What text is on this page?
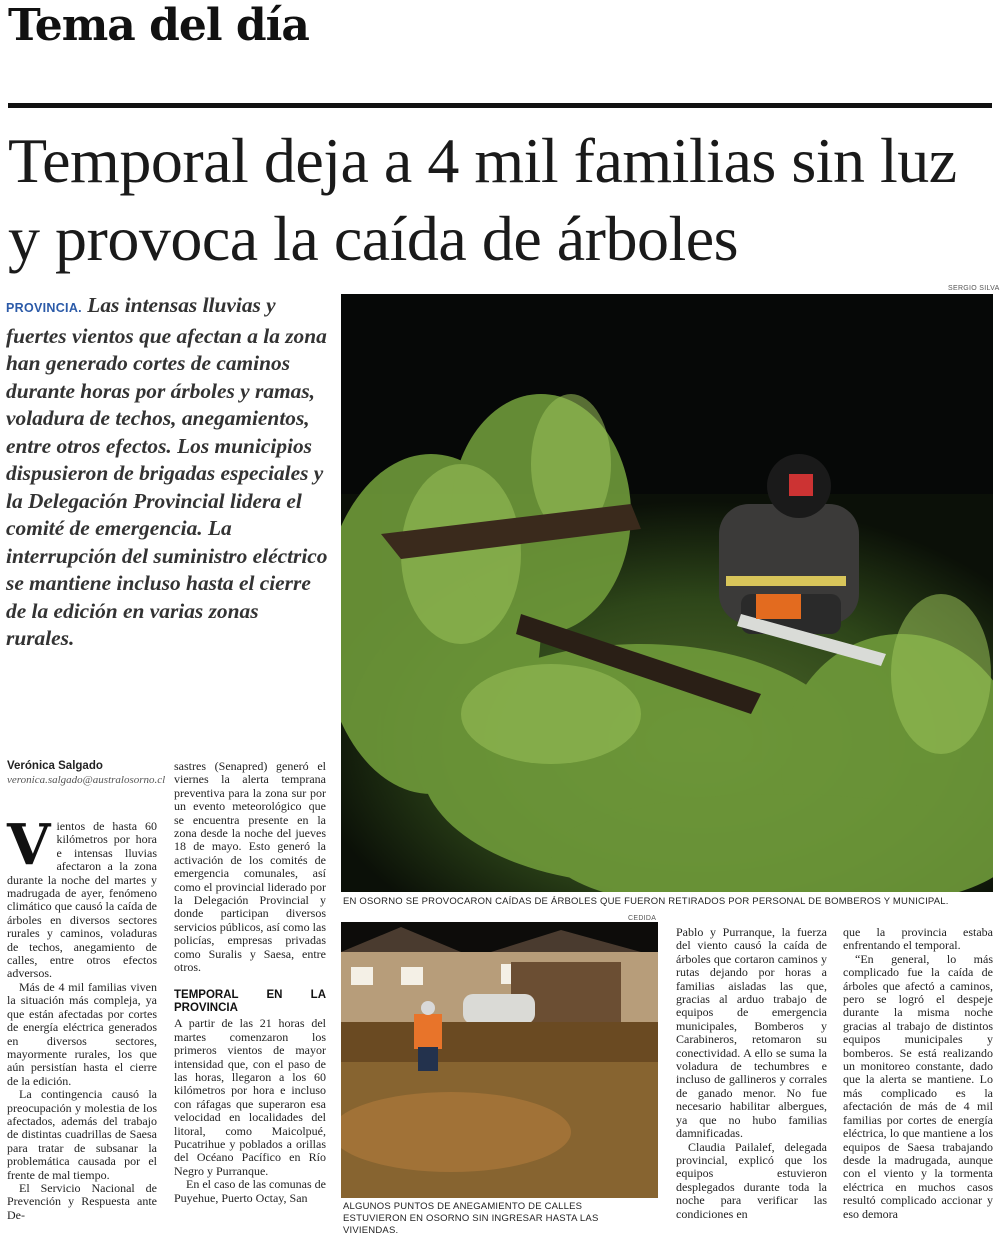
Tema del día
Temporal deja a 4 mil familias sin luz y provoca la caída de árboles
PROVINCIA. Las intensas lluvias y fuertes vientos que afectan a la zona han generado cortes de caminos durante horas por árboles y ramas, voladura de techos, anegamientos, entre otros efectos. Los municipios dispusieron de brigadas especiales y la Delegación Provincial lidera el comité de emergencia. La interrupción del suministro eléctrico se mantiene incluso hasta el cierre de la edición en varias zonas rurales.
Verónica Salgado
veronica.salgado@australosorno.cl
SERGIO SILVA
EN OSORNO SE PROVOCARON CAÍDAS DE ÁRBOLES QUE FUERON RETIRADOS POR PERSONAL DE BOMBEROS Y MUNICIPAL.
CEDIDA
ALGUNOS PUNTOS DE ANEGAMIENTO DE CALLES ESTUVIERON EN OSORNO SIN INGRESAR HASTA LAS VIVIENDAS.

Vientos de hasta 60 kilómetros por hora e intensas lluvias afectaron a la zona durante la noche del martes y madrugada de ayer, fenómeno climático que causó la caída de árboles en diversos sectores rurales y caminos, voladuras de techos, anegamiento de calles, entre otros efectos adversos.

Más de 4 mil familias viven la situación más compleja, ya que están afectadas por cortes de energía eléctrica generados en diversos sectores, mayormente rurales, los que aún persistían hasta el cierre de la edición.

La contingencia causó la preocupación y molestia de los afectados, además del trabajo de distintas cuadrillas de Saesa para tratar de subsanar la problemática causada por el frente de mal tiempo.

El Servicio Nacional de Prevención y Respuesta ante De-

sastres (Senapred) generó el viernes la alerta temprana preventiva para la zona sur por un evento meteorológico que se encuentra presente en la zona desde la noche del jueves 18 de mayo. Esto generó la activación de los comités de emergencia comunales, así como el provincial liderado por la Delegación Provincial y donde participan diversos servicios públicos, así como las policías, empresas privadas como Suralis y Saesa, entre otros.

TEMPORAL EN LA PROVINCIA

A partir de las 21 horas del martes comenzaron los primeros vientos de mayor intensidad que, con el paso de las horas, llegaron a los 60 kilómetros por hora e incluso con ráfagas que superaron esa velocidad en localidades del litoral, como Maicolpué, Pucatrihue y poblados a orillas del Océano Pacífico en Río Negro y Purranque.

En el caso de las comunas de Puyehue, Puerto Octay, San

Pablo y Purranque, la fuerza del viento causó la caída de árboles que cortaron caminos y rutas dejando por horas a familias aisladas las que, gracias al arduo trabajo de equipos de emergencia municipales, Bomberos y Carabineros, retomaron su conectividad. A ello se suma la voladura de techumbres e incluso de gallineros y corrales de ganado menor. No fue necesario habilitar albergues, ya que no hubo familias damnificadas.

Claudia Pailalef, delegada provincial, explicó que los equipos estuvieron desplegados durante toda la noche para verificar las condiciones en

que la provincia estaba enfrentando el temporal.

“En general, lo más complicado fue la caída de árboles que afectó a caminos, pero se logró el despeje durante la misma noche gracias al trabajo de distintos equipos municipales y bomberos. Se está realizando un monitoreo constante, dado que la alerta se mantiene. Lo más complicado es la afectación de más de 4 mil familias por cortes de energía eléctrica, lo que mantiene a los equipos de Saesa trabajando desde la madrugada, aunque con el viento y la tormenta eléctrica en muchos casos resultó complicado accionar y eso demora
